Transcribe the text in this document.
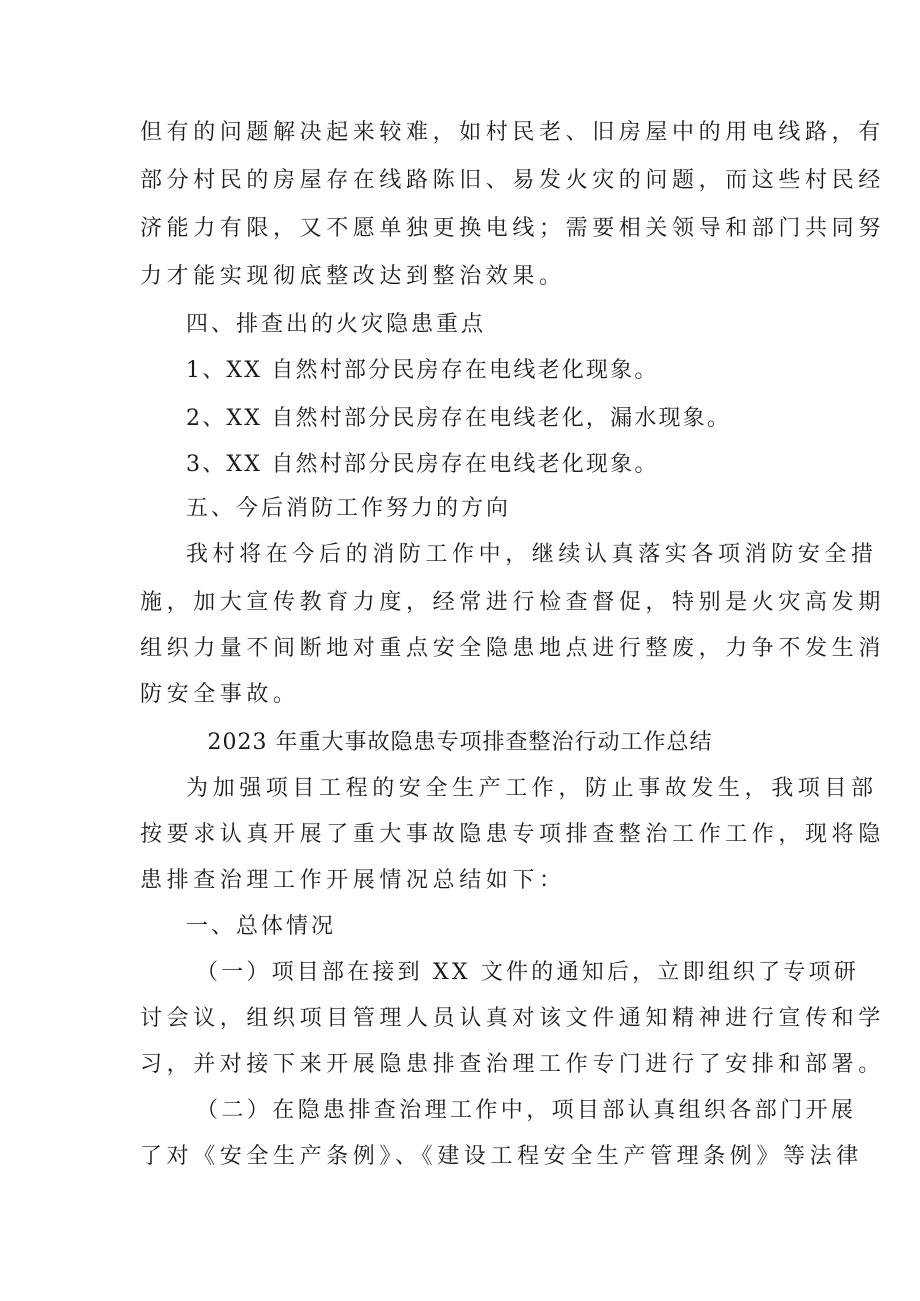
但有的问题解决起来较难，如村民老、旧房屋中的用电线路，有
部分村民的房屋存在线路陈旧、易发火灾的问题，而这些村民经
济能力有限，又不愿单独更换电线；需要相关领导和部门共同努
力才能实现彻底整改达到整治效果。
四、排查出的火灾隐患重点
1、XX 自然村部分民房存在电线老化现象。
2、XX 自然村部分民房存在电线老化，漏水现象。
3、XX 自然村部分民房存在电线老化现象。
五、今后消防工作努力的方向
我村将在今后的消防工作中，继续认真落实各项消防安全措
施，加大宣传教育力度，经常进行检查督促，特别是火灾高发期
组织力量不间断地对重点安全隐患地点进行整废，力争不发生消
防安全事故。
2023 年重大事故隐患专项排查整治行动工作总结
为加强项目工程的安全生产工作，防止事故发生，我项目部
按要求认真开展了重大事故隐患专项排查整治工作工作，现将隐
患排查治理工作开展情况总结如下：
一、总体情况
（一）项目部在接到 XX 文件的通知后，立即组织了专项研
讨会议，组织项目管理人员认真对该文件通知精神进行宣传和学
习，并对接下来开展隐患排查治理工作专门进行了安排和部署。
（二）在隐患排查治理工作中，项目部认真组织各部门开展
了对《安全生产条例》、《建设工程安全生产管理条例》等法律
